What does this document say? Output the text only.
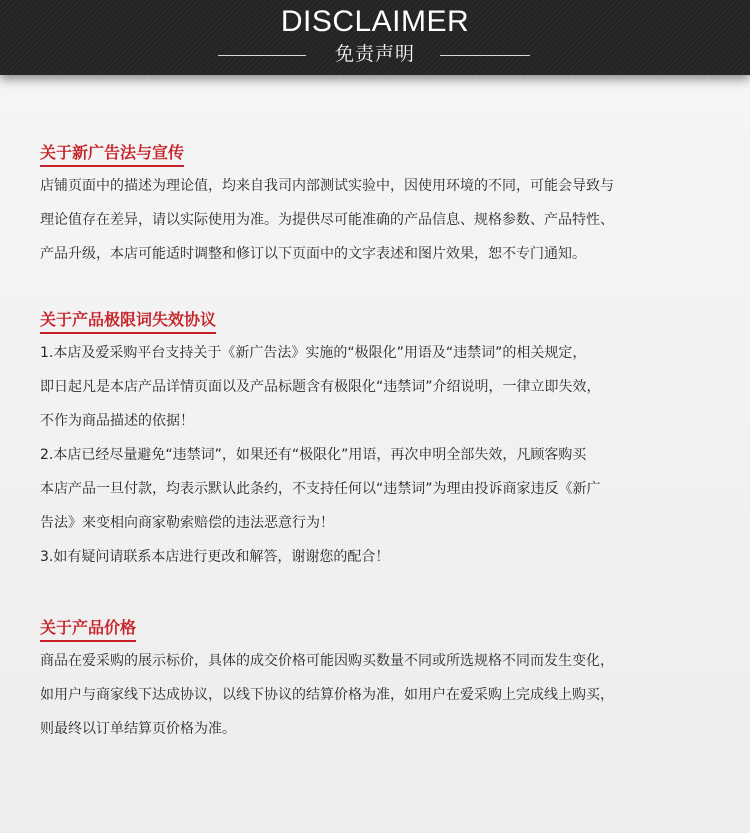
DISCLAIMER
免责声明
关于新广告法与宣传

店铺页面中的描述为理论值，均来自我司内部测试实验中，因使用环境的不同，可能会导致与

理论值存在差异，请以实际使用为准。为提供尽可能准确的产品信息、规格参数、产品特性、

产品升级，本店可能适时调整和修订以下页面中的文字表述和图片效果，恕不专门通知。

关于产品极限词失效协议

1.本店及爱采购平台支持关于《新广告法》实施的“极限化”用语及“违禁词”的相关规定，

即日起凡是本店产品详情页面以及产品标题含有极限化“违禁词”介绍说明，一律立即失效，

不作为商品描述的依据！

2.本店已经尽量避免“违禁词”，如果还有“极限化”用语，再次申明全部失效，凡顾客购买

本店产品一旦付款，均表示默认此条约，不支持任何以“违禁词”为理由投诉商家违反《新广

告法》来变相向商家勒索赔偿的违法恶意行为！

3.如有疑问请联系本店进行更改和解答，谢谢您的配合！

关于产品价格

商品在爱采购的展示标价，具体的成交价格可能因购买数量不同或所选规格不同而发生变化，

如用户与商家线下达成协议，以线下协议的结算价格为准，如用户在爱采购上完成线上购买，

则最终以订单结算页价格为准。
